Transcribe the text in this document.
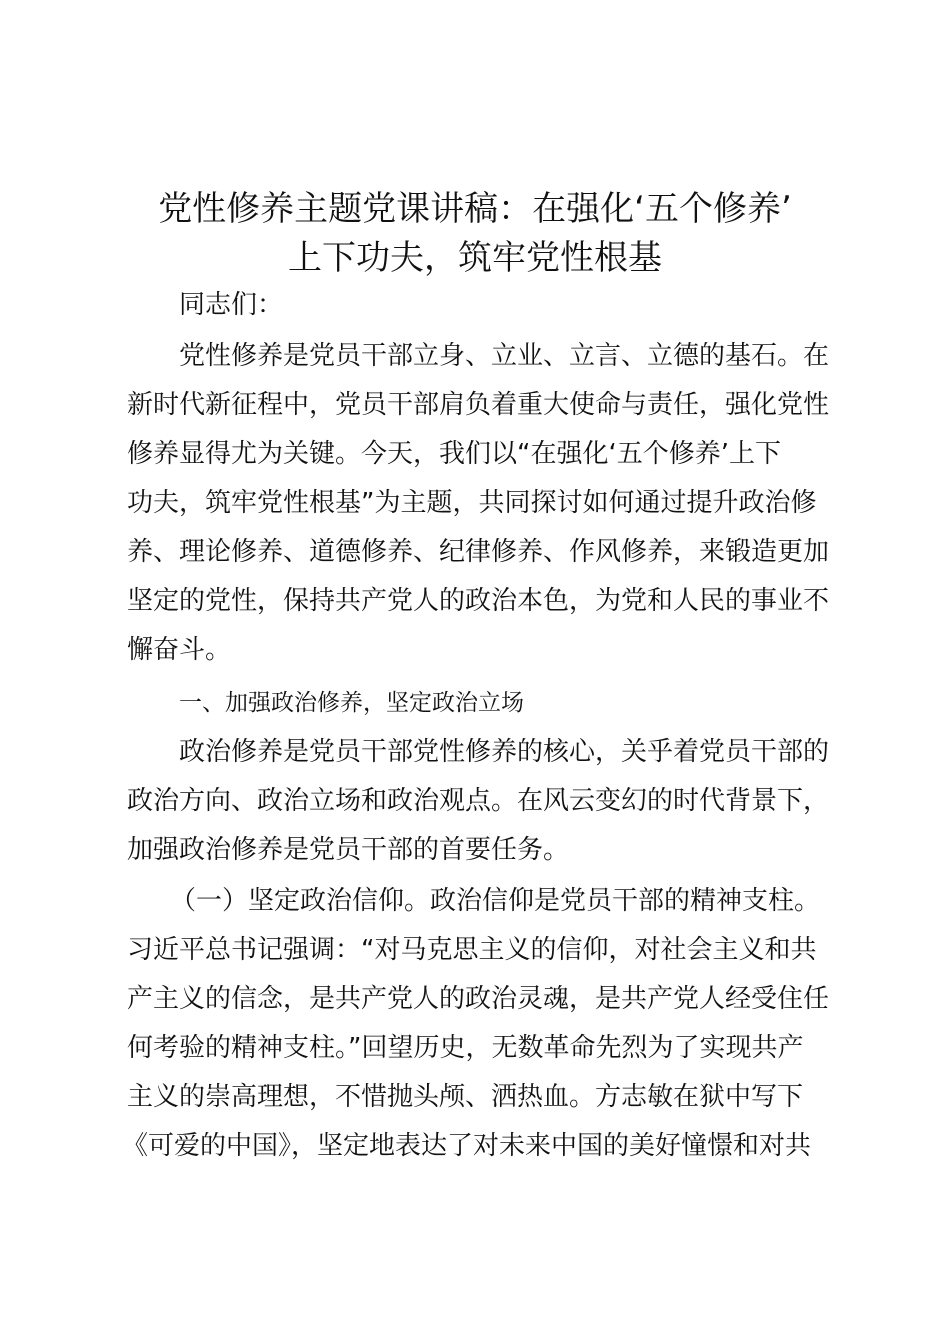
党性修养主题党课讲稿：在强化‘五个修养’
上下功夫，筑牢党性根基

同志们：

党性修养是党员干部立身、立业、立言、立德的基石。在

新时代新征程中，党员干部肩负着重大使命与责任，强化党性

修养显得尤为关键。今天，我们以“在强化‘五个修养’上下

功夫，筑牢党性根基”为主题，共同探讨如何通过提升政治修

养、理论修养、道德修养、纪律修养、作风修养，来锻造更加

坚定的党性，保持共产党人的政治本色，为党和人民的事业不

懈奋斗。

一、加强政治修养，坚定政治立场

政治修养是党员干部党性修养的核心，关乎着党员干部的

政治方向、政治立场和政治观点。在风云变幻的时代背景下，

加强政治修养是党员干部的首要任务。

（一）坚定政治信仰。政治信仰是党员干部的精神支柱。

习近平总书记强调：“对马克思主义的信仰，对社会主义和共

产主义的信念，是共产党人的政治灵魂，是共产党人经受住任

何考验的精神支柱。”回望历史，无数革命先烈为了实现共产

主义的崇高理想，不惜抛头颅、洒热血。方志敏在狱中写下

《可爱的中国》，坚定地表达了对未来中国的美好憧憬和对共
